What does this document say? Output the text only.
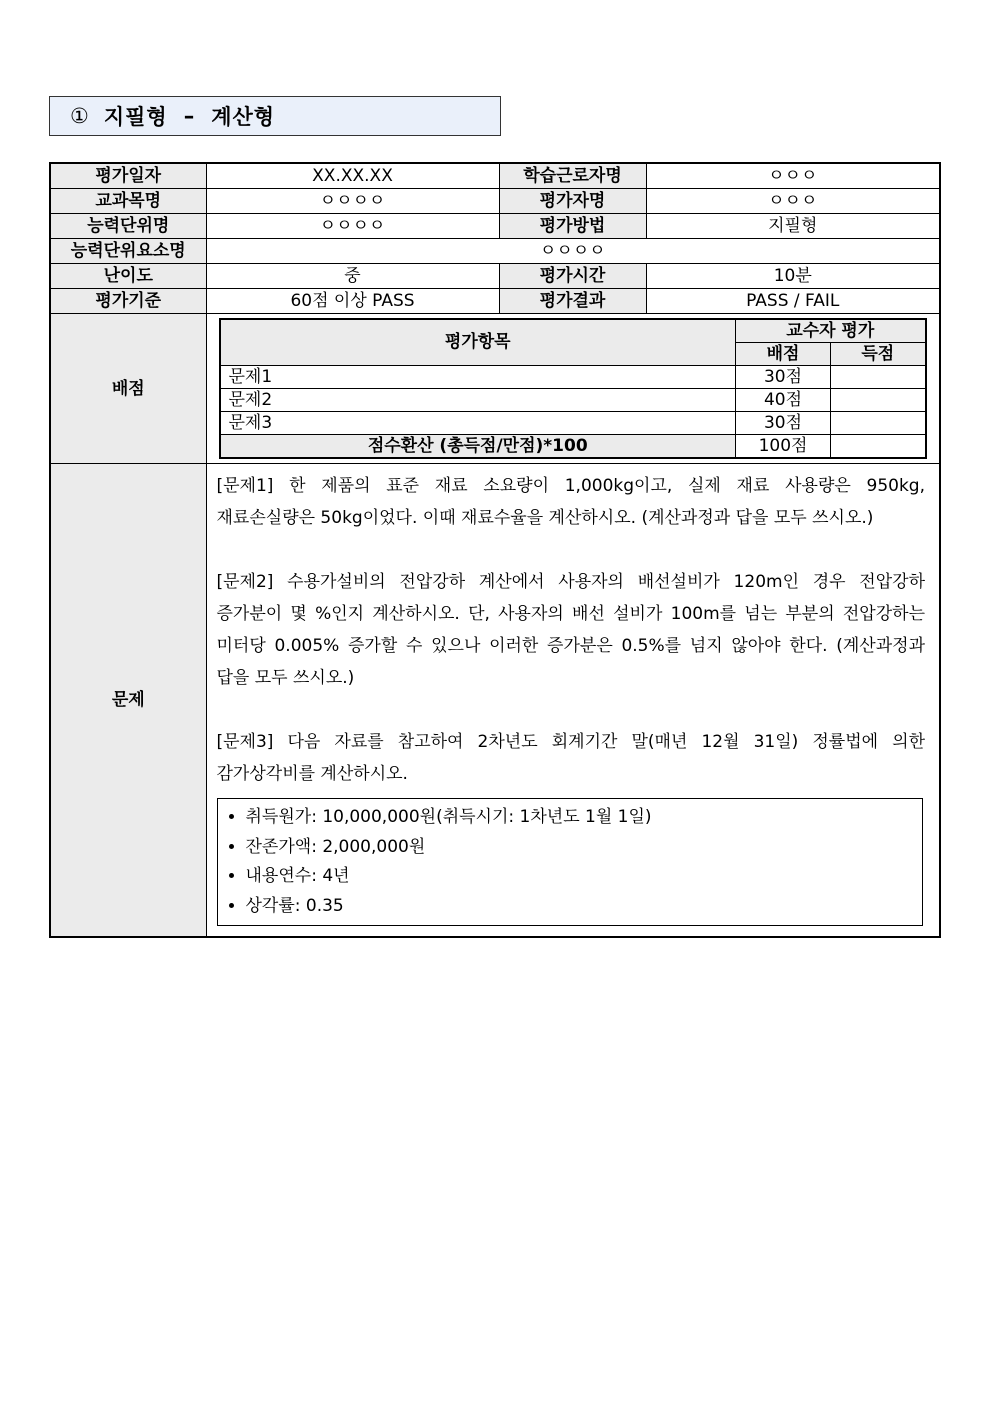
① 지필형 – 계산형
평가일자	XX.XX.XX	학습근로자명	ㅇㅇㅇ
교과목명	ㅇㅇㅇㅇ	평가자명	ㅇㅇㅇ
능력단위명	ㅇㅇㅇㅇ	평가방법	지필형
능력단위요소명	ㅇㅇㅇㅇ
난이도	중	평가시간	10분
평가기준	60점 이상 PASS	평가결과	PASS / FAIL
배점	
평가항목	교수자 평가
배점	득점
문제1	30점	
문제2	40점	
문제3	30점	
점수환산 (총득점/만점)*100	100점	

문제	

[문제1] 한 제품의 표준 재료 소요량이 1,000kg이고, 실제 재료 사용량은 950kg, 재료손실량은 50kg이었다. 이때 재료수율을 계산하시오. (계산과정과 답을 모두 쓰시오.)

[문제2] 수용가설비의 전압강하 계산에서 사용자의 배선설비가 120m인 경우 전압강하 증가분이 몇 %인지 계산하시오. 단, 사용자의 배선 설비가 100m를 넘는 부분의 전압강하는 미터당 0.005% 증가할 수 있으나 이러한 증가분은 0.5%를 넘지 않아야 한다. (계산과정과 답을 모두 쓰시오.)

[문제3] 다음 자료를 참고하여 2차년도 회계기간 말(매년 12월 31일) 정률법에 의한 감가상각비를 계산하시오.

• 취득원가: 10,000,000원(취득시기: 1차년도 1월 1일)
• 잔존가액: 2,000,000원
• 내용연수: 4년
• 상각률: 0.35
